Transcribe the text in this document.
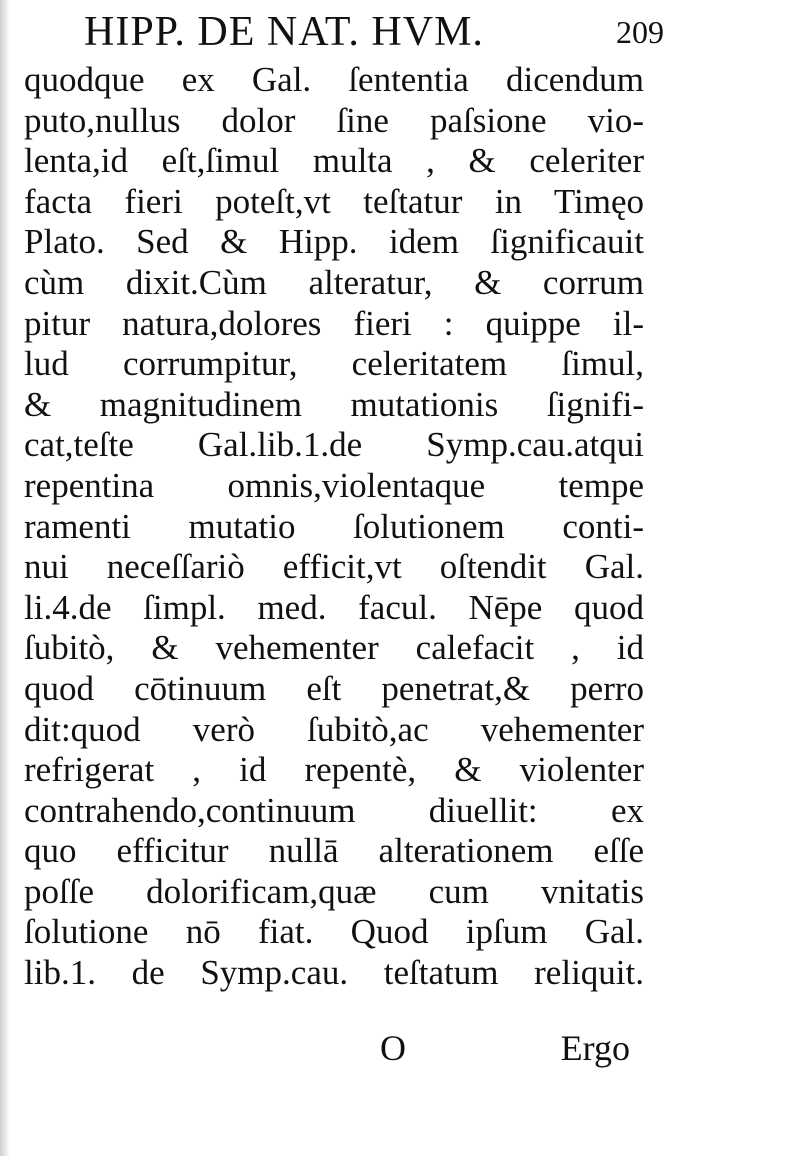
HIPP. DE NAT. HVM.	209
quodque ex Gal. ſententia dicendum
puto,nullus dolor ſine paſsione vio-
lenta,id eſt,ſimul multa , & celeriter
facta fieri poteſt,vt teſtatur in Timęo
Plato. Sed & Hipp. idem ſignificauit
cùm dixit.Cùm alteratur, & corrum
pitur natura,dolores fieri : quippe il-
lud corrumpitur, celeritatem ſimul,
& magnitudinem mutationis ſignifi-
cat,teſte Gal.lib.1.de Symp.cau.atqui
repentina omnis,violentaque tempe
ramenti mutatio ſolutionem conti-
nui neceſſariò efficit,vt oſtendit Gal.
li.4.de ſimpl. med. facul. Nēpe quod
ſubitò, & vehementer calefacit , id
quod cōtinuum eſt penetrat,& perro
dit:quod verò ſubitò,ac vehementer
refrigerat , id repentè, & violenter
contrahendo,continuum diuellit: ex
quo efficitur nullā alterationem eſſe
poſſe dolorificam,quæ cum vnitatis
ſolutione nō fiat. Quod ipſum Gal.
lib.1. de Symp.cau. teſtatum reliquit.
O	Ergo
